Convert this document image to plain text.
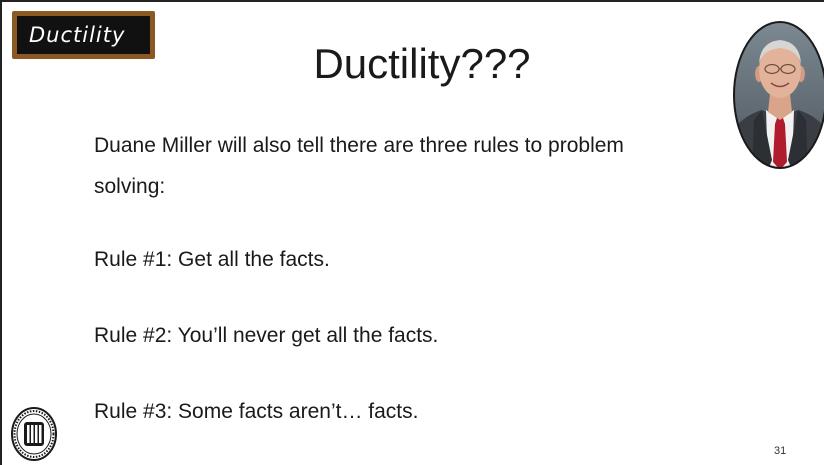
Ductility
Ductility???

Duane Miller will also tell there are three rules to problem solving:

Rule #1: Get all the facts.

Rule #2: You’ll never get all the facts.

Rule #3: Some facts aren’t… facts.

31
